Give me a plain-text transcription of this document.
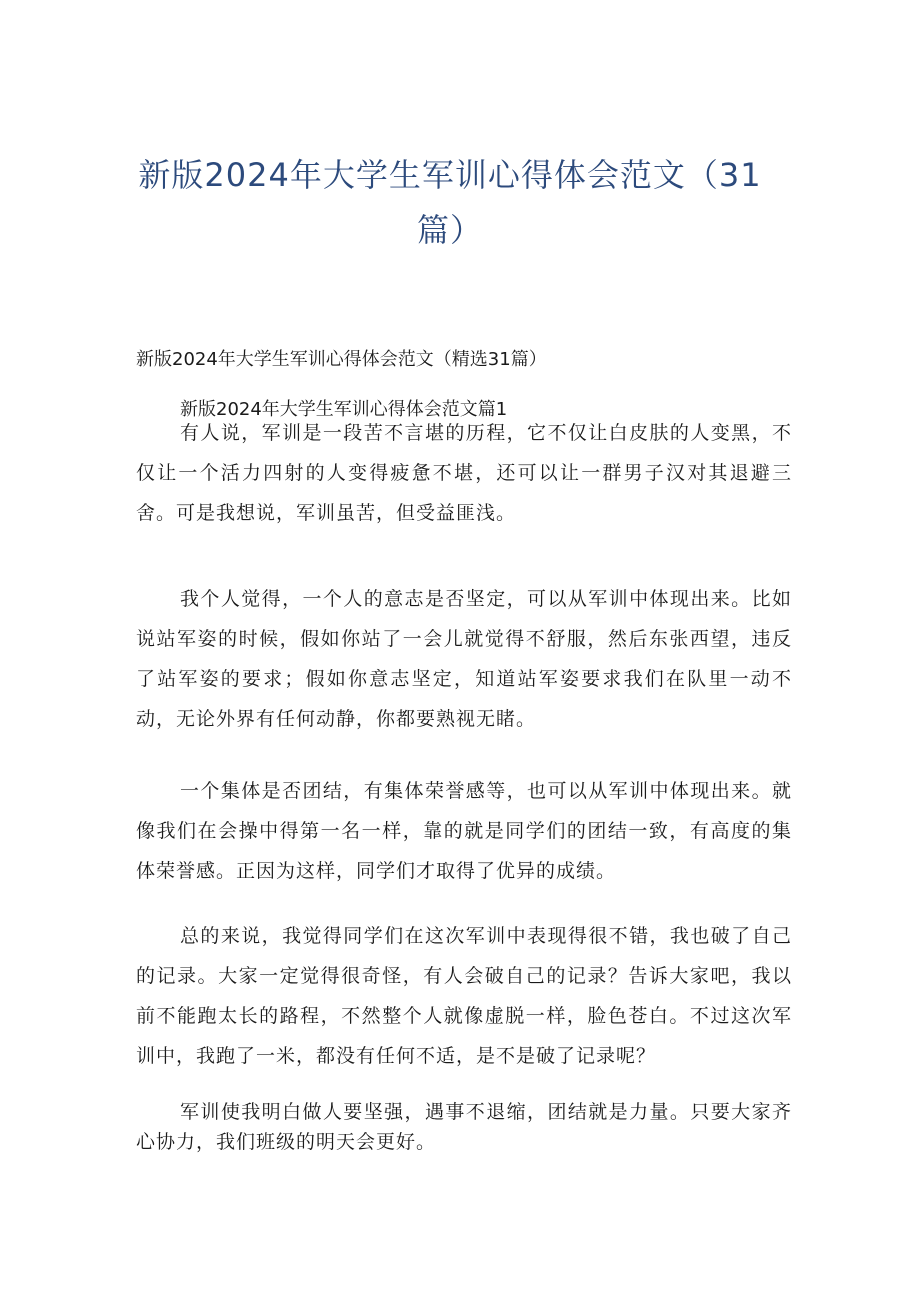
新版2024年大学生军训心得体会范文（31篇）

新版2024年大学生军训心得体会范文（精选31篇）

新版2024年大学生军训心得体会范文篇1

有人说，军训是一段苦不言堪的历程，它不仅让白皮肤的人变黑，不仅让一个活力四射的人变得疲惫不堪，还可以让一群男子汉对其退避三舍。可是我想说，军训虽苦，但受益匪浅。

我个人觉得，一个人的意志是否坚定，可以从军训中体现出来。比如说站军姿的时候，假如你站了一会儿就觉得不舒服，然后东张西望，违反了站军姿的要求；假如你意志坚定，知道站军姿要求我们在队里一动不动，无论外界有任何动静，你都要熟视无睹。

一个集体是否团结，有集体荣誉感等，也可以从军训中体现出来。就像我们在会操中得第一名一样，靠的就是同学们的团结一致，有高度的集体荣誉感。正因为这样，同学们才取得了优异的成绩。

总的来说，我觉得同学们在这次军训中表现得很不错，我也破了自己的记录。大家一定觉得很奇怪，有人会破自己的记录？告诉大家吧，我以前不能跑太长的路程，不然整个人就像虚脱一样，脸色苍白。不过这次军训中，我跑了一米，都没有任何不适，是不是破了记录呢？

军训使我明白做人要坚强，遇事不退缩，团结就是力量。只要大家齐心协力，我们班级的明天会更好。
